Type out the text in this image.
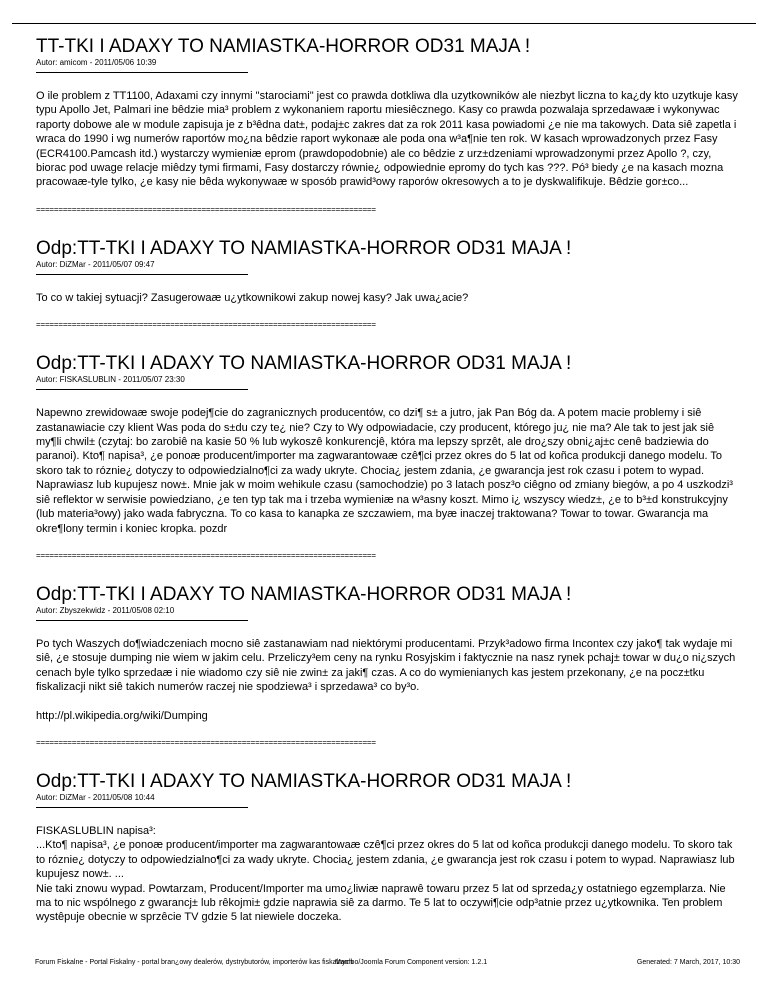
TT-TKI I ADAXY TO NAMIASTKA-HORROR OD31 MAJA !
Autor: amicom - 2011/05/06 10:39

O ile problem z TT1100, Adaxami czy innymi "starociami" jest co prawda dotkliwa dla uzytkowników ale niezbyt liczna to ka¿dy kto uzytkuje kasy typu Apollo Jet, Palmari ine bêdzie mia³ problem z wykonaniem raportu miesiêcznego. Kasy co prawda pozwalaja sprzedawaæ i wykonywac raporty dobowe ale w module zapisuja je z b³êdna dat±, podaj±c zakres dat za rok 2011 kasa powiadomi ¿e nie ma takowych. Data siê zapetla i wraca do 1990 i wg numerów raportów mo¿na bêdzie raport wykonaæ ale poda ona w³a¶nie ten rok. W kasach wprowadzonych przez Fasy (ECR4100.Pamcash itd.) wystarczy wymieniæ eprom (prawdopodobnie) ale co bêdzie z urz±dzeniami wprowadzonymi przez Apollo ?, czy, biorac pod uwage relacje miêdzy tymi firmami, Fasy dostarczy równie¿ odpowiednie epromy do tych kas ???. Pó³ biedy ¿e na kasach mozna pracowaæ-tyle tylko, ¿e kasy nie bêda wykonywaæ w sposób prawid³owy raporów okresowych a to je dyskwalifikuje. Bêdzie gor±co...

============================================================================
Odp:TT-TKI I ADAXY TO NAMIASTKA-HORROR OD31 MAJA !
Autor: DiZMar - 2011/05/07 09:47

To co w takiej sytuacji? Zasugerowaæ u¿ytkownikowi zakup nowej kasy? Jak uwa¿acie?

============================================================================
Odp:TT-TKI I ADAXY TO NAMIASTKA-HORROR OD31 MAJA !
Autor: FISKASLUBLIN - 2011/05/07 23:30

Napewno zrewidowaæ swoje podej¶cie do zagranicznych producentów, co dzi¶ s± a jutro, jak Pan Bóg da. A potem macie problemy i siê zastanawiacie czy klient Was poda do s±du czy te¿ nie? Czy to Wy odpowiadacie, czy producent, którego ju¿ nie ma? Ale tak to jest jak siê my¶li chwil± (czytaj: bo zarobiê na kasie 50 % lub wykoszê konkurencjê, która ma lepszy sprzêt, ale dro¿szy obni¿aj±c cenê badziewia do paranoi). Kto¶ napisa³, ¿e ponoæ producent/importer ma zagwarantowaæ czê¶ci przez okres do 5 lat od koñca produkcji danego modelu. To skoro tak to róznie¿ dotyczy to odpowiedzialno¶ci za wady ukryte. Chocia¿ jestem zdania, ¿e gwarancja jest rok czasu i potem to wypad. Naprawiasz lub kupujesz now±. Mnie jak w moim wehikule czasu (samochodzie) po 3 latach posz³o ciêgno od zmiany biegów, a po 4 uszkodzi³ siê reflektor w serwisie powiedziano, ¿e ten typ tak ma i trzeba wymieniæ na w³asny koszt. Mimo i¿ wszyscy wiedz±, ¿e to b³±d konstrukcyjny (lub materia³owy) jako wada fabryczna. To co kasa to kanapka ze szczawiem, ma byæ inaczej traktowana? Towar to towar. Gwarancja ma okre¶lony termin i koniec kropka. pozdr

============================================================================
Odp:TT-TKI I ADAXY TO NAMIASTKA-HORROR OD31 MAJA !
Autor: Zbyszekwidz - 2011/05/08 02:10

Po tych Waszych do¶wiadczeniach mocno siê zastanawiam nad niektórymi producentami. Przyk³adowo firma Incontex czy jako¶ tak wydaje mi siê, ¿e stosuje dumping nie wiem w jakim celu. Przeliczy³em ceny na rynku Rosyjskim i faktycznie na nasz rynek pchaj± towar w du¿o ni¿szych cenach byle tylko sprzedaæ i nie wiadomo czy siê nie zwin± za jaki¶ czas. A co do wymienianych kas jestem przekonany, ¿e na pocz±tku fiskalizacji nikt siê takich numerów raczej nie spodziewa³ i sprzedawa³ co by³o.

http://pl.wikipedia.org/wiki/Dumping

============================================================================
Odp:TT-TKI I ADAXY TO NAMIASTKA-HORROR OD31 MAJA !
Autor: DiZMar - 2011/05/08 10:44

FISKASLUBLIN napisa³:

...Kto¶ napisa³, ¿e ponoæ producent/importer ma zagwarantowaæ czê¶ci przez okres do 5 lat od koñca produkcji danego modelu. To skoro tak to róznie¿ dotyczy to odpowiedzialno¶ci za wady ukryte. Chocia¿ jestem zdania, ¿e gwarancja jest rok czasu i potem to wypad. Naprawiasz lub kupujesz now±. ...

Nie taki znowu wypad. Powtarzam, Producent/Importer ma umo¿liwiæ naprawê towaru przez 5 lat od sprzeda¿y ostatniego egzemplarza. Nie ma to nic wspólnego z gwarancj± lub rêkojmi± gdzie naprawia siê za darmo. Te 5 lat to oczywi¶cie odp³atnie przez u¿ytkownika. Ten problem wystêpuje obecnie w sprzêcie TV gdzie 5 lat niewiele doczeka.

Forum Fiskalne - Portal Fiskalny - portal bran¿owy dealerów, dystrybutorów, importerów kas fiskalnych
Mambo/Joomla Forum Component version: 1.2.1	Generated: 7 March, 2017, 10:30
